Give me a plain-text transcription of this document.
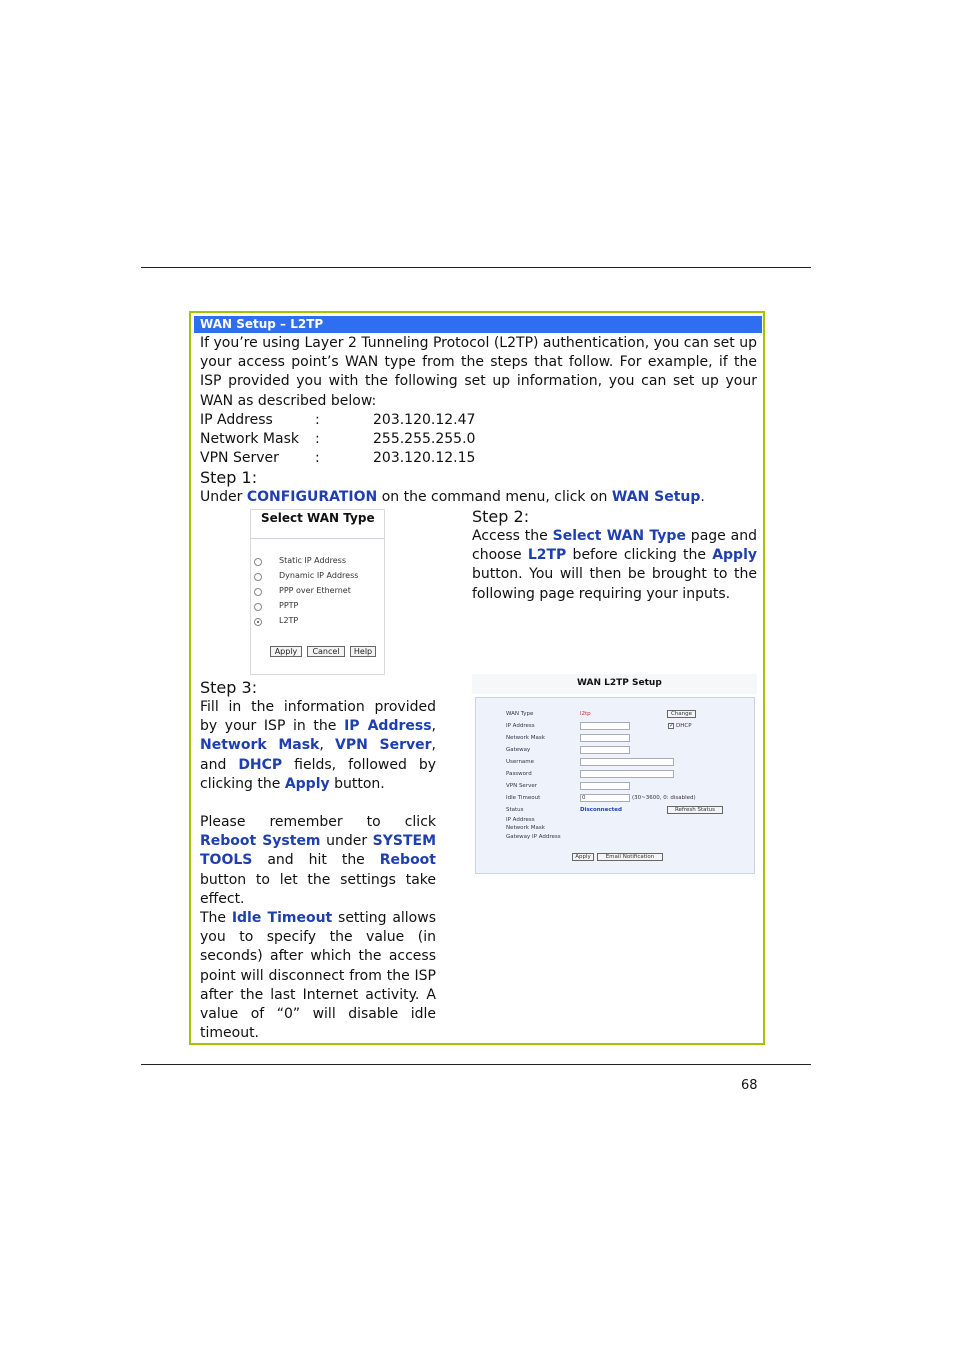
WAN Setup – L2TP
If you’re using Layer 2 Tunneling Protocol (L2TP) authentication, you can set up your access point’s WAN type from the steps that follow. For example, if the ISP provided you with the following set up information, you can set up your WAN as described below:
IP Address	:	203.120.12.47
Network Mask :	255.255.255.0
VPN Server	:	203.120.12.15
Step 1:
Under CONFIGURATION on the command menu, click on WAN Setup.
Select WAN Type
Static IP Address
Dynamic IP Address
PPP over Ethernet
PPTP
L2TP
Apply	Cancel	Help
Step 2:
Access the Select WAN Type page and choose L2TP before clicking the Apply button. You will then be brought to the following page requiring your inputs.
Step 3:
Fill in the information provided by your ISP in the IP Address, Network Mask, VPN Server, and DHCP fields, followed by clicking the Apply button.
Please remember to click Reboot System under SYSTEM TOOLS and hit the Reboot button to let the settings take effect.
The Idle Timeout setting allows you to specify the value (in seconds) after which the access point will disconnect from the ISP after the last Internet activity. A value of “0” will disable idle timeout.
WAN L2TP Setup
WAN Type	l2tp	Change
IP Address	✓ DHCP
Network Mask
Gateway
Username
Password
VPN Server
Idle Timeout	0	(30~3600, 0: disabled)
Status	Disconnected	Refresh Status
IP Address
Network Mask
Gateway IP Address
Apply	Email Notification
68
